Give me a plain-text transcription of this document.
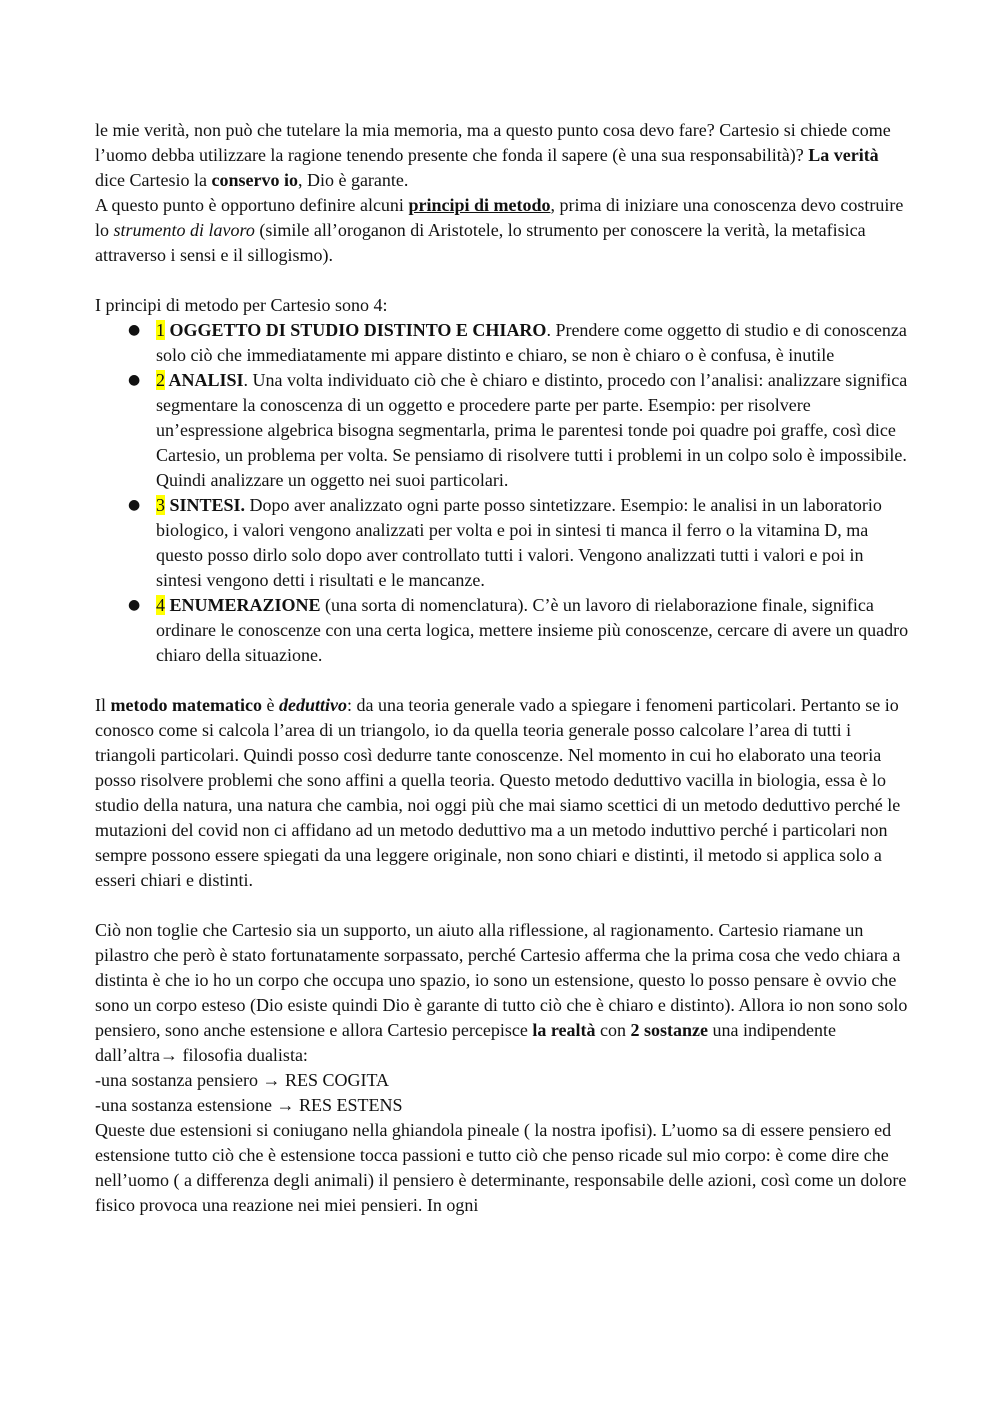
le mie verità, non può che tutelare la mia memoria, ma a questo punto cosa devo fare? Cartesio si chiede come l’uomo debba utilizzare la ragione tenendo presente che fonda il sapere (è una sua responsabilità)? La verità dice Cartesio la conservo io, Dio è garante.

A questo punto è opportuno definire alcuni principi di metodo, prima di iniziare una conoscenza devo costruire lo strumento di lavoro (simile all’oroganon di Aristotele, lo strumento per conoscere la verità, la metafisica attraverso i sensi e il sillogismo).

I principi di metodo per Cartesio sono 4:

● 1 OGGETTO DI STUDIO DISTINTO E CHIARO. Prendere come oggetto di studio e di conoscenza solo ciò che immediatamente mi appare distinto e chiaro, se non è chiaro o è confusa, è inutile
● 2 ANALISI. Una volta individuato ciò che è chiaro e distinto, procedo con l’analisi: analizzare significa segmentare la conoscenza di un oggetto e procedere parte per parte. Esempio: per risolvere un’espressione algebrica bisogna segmentarla, prima le parentesi tonde poi quadre poi graffe, così dice Cartesio, un problema per volta. Se pensiamo di risolvere tutti i problemi in un colpo solo è impossibile. Quindi analizzare un oggetto nei suoi particolari.
● 3 SINTESI. Dopo aver analizzato ogni parte posso sintetizzare. Esempio: le analisi in un laboratorio biologico, i valori vengono analizzati per volta e poi in sintesi ti manca il ferro o la vitamina D, ma questo posso dirlo solo dopo aver controllato tutti i valori. Vengono analizzati tutti i valori e poi in sintesi vengono detti i risultati e le mancanze.
● 4 ENUMERAZIONE (una sorta di nomenclatura). C’è un lavoro di rielaborazione finale, significa ordinare le conoscenze con una certa logica, mettere insieme più conoscenze, cercare di avere un quadro chiaro della situazione.

Il metodo matematico è deduttivo: da una teoria generale vado a spiegare i fenomeni particolari. Pertanto se io conosco come si calcola l’area di un triangolo, io da quella teoria generale posso calcolare l’area di tutti i triangoli particolari. Quindi posso così dedurre tante conoscenze. Nel momento in cui ho elaborato una teoria posso risolvere problemi che sono affini a quella teoria. Questo metodo deduttivo vacilla in biologia, essa è lo studio della natura, una natura che cambia, noi oggi più che mai siamo scettici di un metodo deduttivo perché le mutazioni del covid non ci affidano ad un metodo deduttivo ma a un metodo induttivo perché i particolari non sempre possono essere spiegati da una leggere originale, non sono chiari e distinti, il metodo si applica solo a esseri chiari e distinti.

Ciò non toglie che Cartesio sia un supporto, un aiuto alla riflessione, al ragionamento. Cartesio riamane un pilastro che però è stato fortunatamente sorpassato, perché Cartesio afferma che la prima cosa che vedo chiara a distinta è che io ho un corpo che occupa uno spazio, io sono un estensione, questo lo posso pensare è ovvio che sono un corpo esteso (Dio esiste quindi Dio è garante di tutto ciò che è chiaro e distinto). Allora io non sono solo pensiero, sono anche estensione e allora Cartesio percepisce la realtà con 2 sostanze una indipendente dall’altra→ filosofia dualista:

-una sostanza pensiero → RES COGITA

-una sostanza estensione → RES ESTENS

Queste due estensioni si coniugano nella ghiandola pineale ( la nostra ipofisi). L’uomo sa di essere pensiero ed estensione tutto ciò che è estensione tocca passioni e tutto ciò che penso ricade sul mio corpo: è come dire che nell’uomo ( a differenza degli animali) il pensiero è determinante, responsabile delle azioni, così come un dolore fisico provoca una reazione nei miei pensieri. In ogni
